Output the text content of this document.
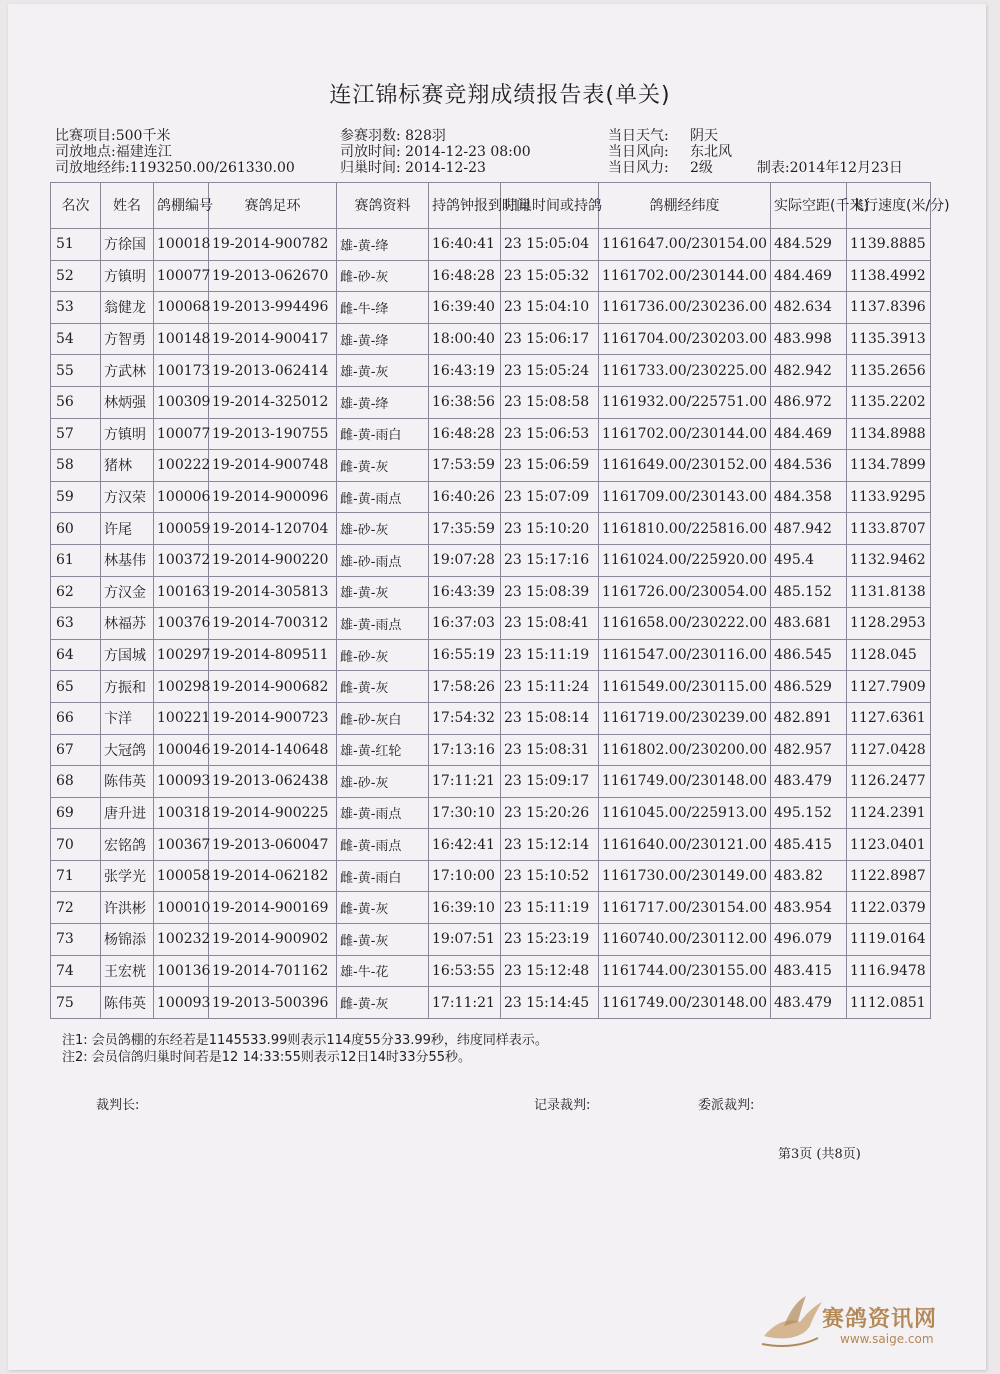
连江锦标赛竞翔成绩报告表(单关)
比赛项目:500千米
司放地点:福建连江
司放地经纬:1193250.00/261330.00
参赛羽数: 828羽
司放时间: 2014-12-23 08:00
归巢时间: 2014-12-23
当日天气: 阴天
当日风向: 东北风
当日风力: 2级	制表:2014年12月23日
名次	姓名	鸽棚编号	赛鸽足环	赛鸽资料	持鸽钟报到时间	归巢时间或持鸽	鸽棚经纬度	实际空距(千米)	飞行速度(米/分)
51	方徐国	100018	19-2014-900782	雄-黄-绛	16:40:41	23 15:05:04	1161647.00/230154.00	484.529	1139.8885
52	方镇明	100077	19-2013-062670	雌-砂-灰	16:48:28	23 15:05:32	1161702.00/230144.00	484.469	1138.4992
53	翁健龙	100068	19-2013-994496	雌-牛-绛	16:39:40	23 15:04:10	1161736.00/230236.00	482.634	1137.8396
54	方智勇	100148	19-2014-900417	雄-黄-绛	18:00:40	23 15:06:17	1161704.00/230203.00	483.998	1135.3913
55	方武林	100173	19-2013-062414	雄-黄-灰	16:43:19	23 15:05:24	1161733.00/230225.00	482.942	1135.2656
56	林炳强	100309	19-2014-325012	雄-黄-绛	16:38:56	23 15:08:58	1161932.00/225751.00	486.972	1135.2202
57	方镇明	100077	19-2013-190755	雌-黄-雨白	16:48:28	23 15:06:53	1161702.00/230144.00	484.469	1134.8988
58	猪林	100222	19-2014-900748	雌-黄-灰	17:53:59	23 15:06:59	1161649.00/230152.00	484.536	1134.7899
59	方汉荣	100006	19-2014-900096	雌-黄-雨点	16:40:26	23 15:07:09	1161709.00/230143.00	484.358	1133.9295
60	许尾	100059	19-2014-120704	雄-砂-灰	17:35:59	23 15:10:20	1161810.00/225816.00	487.942	1133.8707
61	林基伟	100372	19-2014-900220	雄-砂-雨点	19:07:28	23 15:17:16	1161024.00/225920.00	495.4	1132.9462
62	方汉金	100163	19-2014-305813	雄-黄-灰	16:43:39	23 15:08:39	1161726.00/230054.00	485.152	1131.8138
63	林福苏	100376	19-2014-700312	雄-黄-雨点	16:37:03	23 15:08:41	1161658.00/230222.00	483.681	1128.2953
64	方国城	100297	19-2014-809511	雌-砂-灰	16:55:19	23 15:11:19	1161547.00/230116.00	486.545	1128.045
65	方振和	100298	19-2014-900682	雌-黄-灰	17:58:26	23 15:11:24	1161549.00/230115.00	486.529	1127.7909
66	卞洋	100221	19-2014-900723	雌-砂-灰白	17:54:32	23 15:08:14	1161719.00/230239.00	482.891	1127.6361
67	大冠鸽	100046	19-2014-140648	雄-黄-红轮	17:13:16	23 15:08:31	1161802.00/230200.00	482.957	1127.0428
68	陈伟英	100093	19-2013-062438	雄-砂-灰	17:11:21	23 15:09:17	1161749.00/230148.00	483.479	1126.2477
69	唐升进	100318	19-2014-900225	雄-黄-雨点	17:30:10	23 15:20:26	1161045.00/225913.00	495.152	1124.2391
70	宏铭鸽	100367	19-2013-060047	雌-黄-雨点	16:42:41	23 15:12:14	1161640.00/230121.00	485.415	1123.0401
71	张学光	100058	19-2014-062182	雌-黄-雨白	17:10:00	23 15:10:52	1161730.00/230149.00	483.82	1122.8987
72	许洪彬	100010	19-2014-900169	雌-黄-灰	16:39:10	23 15:11:19	1161717.00/230154.00	483.954	1122.0379
73	杨锦添	100232	19-2014-900902	雌-黄-灰	19:07:51	23 15:23:19	1160740.00/230112.00	496.079	1119.0164
74	王宏桄	100136	19-2014-701162	雄-牛-花	16:53:55	23 15:12:48	1161744.00/230155.00	483.415	1116.9478
75	陈伟英	100093	19-2013-500396	雌-黄-灰	17:11:21	23 15:14:45	1161749.00/230148.00	483.479	1112.0851
注1: 会员鸽棚的东经若是1145533.99则表示114度55分33.99秒，纬度同样表示。
注2: 会员信鸽归巢时间若是12 14:33:55则表示12日14时33分55秒。
裁判长:	记录裁判:	委派裁判:
第3页 (共8页)
赛鸽资讯网
www.saige.com
